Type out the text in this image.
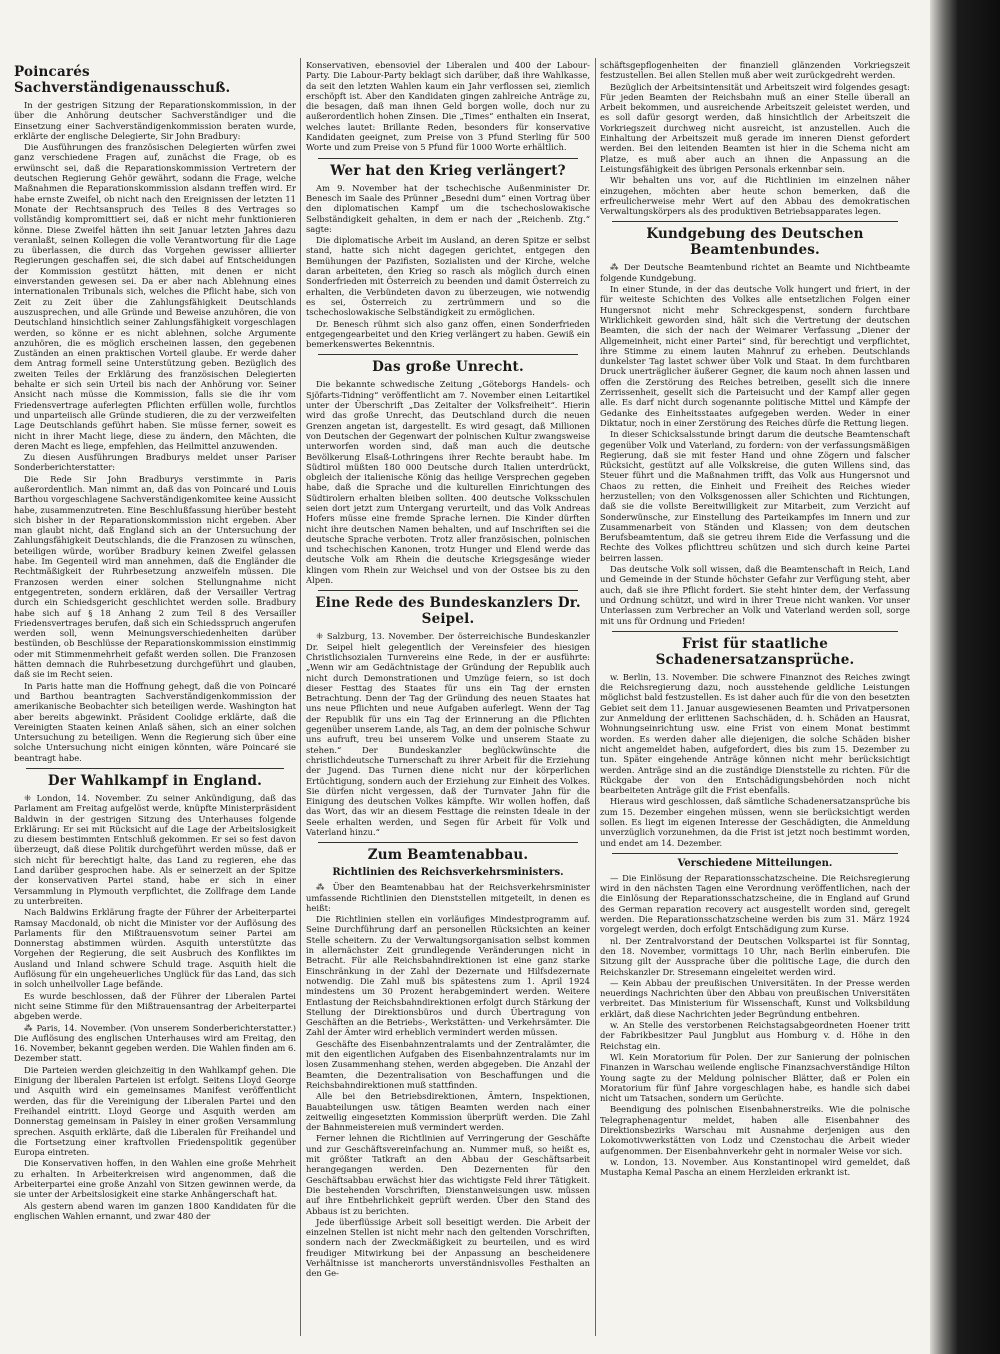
Poincarés Sachverständigenausschuß.

In der gestrigen Sitzung der Reparationskommission, in der über die Anhörung deutscher Sachverständiger und die Einsetzung einer Sachverständigenkommission beraten wurde, erklärte der englische Delegierte, Sir John Bradbury:

Die Ausführungen des französischen Delegierten würfen zwei ganz verschiedene Fragen auf, zunächst die Frage, ob es erwünscht sei, daß die Reparationskommission Vertretern der deutschen Regierung Gehör gewährt, sodann die Frage, welche Maßnahmen die Reparationskommission alsdann treffen wird. Er habe ernste Zweifel, ob nicht nach den Ereignissen der letzten 11 Monate der Rechtsanspruch des Teiles 8 des Vertrages so vollständig kompromittiert sei, daß er nicht mehr funktionieren könne. Diese Zweifel hätten ihn seit Januar letzten Jahres dazu veranlaßt, seinen Kollegen die volle Verantwortung für die Lage zu überlassen, die durch das Vorgehen gewisser alliierter Regierungen geschaffen sei, die sich dabei auf Entscheidungen der Kommission gestützt hätten, mit denen er nicht einverstanden gewesen sei. Da er aber nach Ablehnung eines internationalen Tribunals sich, welches die Pflicht habe, sich von Zeit zu Zeit über die Zahlungsfähigkeit Deutschlands auszusprechen, und alle Gründe und Beweise anzuhören, die von Deutschland hinsichtlich seiner Zahlungsfähigkeit vorgeschlagen werden, so könne er es nicht ablehnen, solche Argumente anzuhören, die es möglich erscheinen lassen, den gegebenen Zuständen an einen praktischen Vorteil glaube. Er werde daher dem Antrag formell seine Unterstützung geben. Bezüglich des zweiten Teiles der Erklärung des französischen Delegierten behalte er sich sein Urteil bis nach der Anhörung vor. Seiner Ansicht nach müsse die Kommission, falls sie die ihr vom Friedensvertrage auferlegten Pflichten erfüllen wolle, furchtlos und unparteiisch alle Gründe studieren, die zu der verzweifelten Lage Deutschlands geführt haben. Sie müsse ferner, soweit es nicht in ihrer Macht liege, diese zu ändern, den Mächten, die deren Macht es liege, empfehlen, das Heilmittel anzuwenden.

Zu diesen Ausführungen Bradburys meldet unser Pariser Sonderberichterstatter:

Die Rede Sir John Bradburys verstimmte in Paris außerordentlich. Man nimmt an, daß das von Poincaré und Louis Barthou vorgeschlagene Sachverständigenkomitee keine Aussicht habe, zusammenzutreten. Eine Beschlußfassung hierüber besteht sich bisher in der Reparationskommission nicht ergeben. Aber man glaubt nicht, daß England sich an der Untersuchung der Zahlungsfähigkeit Deutschlands, die die Franzosen zu wünschen, beteiligen würde, worüber Bradbury keinen Zweifel gelassen habe. Im Gegenteil wird man annehmen, daß die Engländer die Rechtmäßigkeit der Ruhrbesetzung anzweifeln müssen. Die Franzosen werden einer solchen Stellungnahme nicht entgegentreten, sondern erklären, daß der Versailler Vertrag durch ein Schiedsgericht geschlichtet werden solle. Bradbury habe sich auf § 18 Anhang 2 zum Teil 8 des Versailler Friedensvertrages berufen, daß sich ein Schiedsspruch angerufen werden soll, wenn Meinungsverschiedenheiten darüber bestünden, ob Beschlüsse der Reparationskommission einstimmig oder mit Stimmenmehrheit gefaßt werden sollen. Die Franzosen hätten demnach die Ruhrbesetzung durchgeführt und glauben, daß sie im Recht seien.

In Paris hatte man die Hoffnung gehegt, daß die von Poincaré und Barthou beantragten Sachverständigenkommission der amerikanische Beobachter sich beteiligen werde. Washington hat aber bereits abgewinkt. Präsident Coolidge erklärte, daß die Vereinigten Staaten keinen Anlaß sähen, sich an einer solchen Untersuchung zu beteiligen. Wenn die Regierung sich über eine solche Untersuchung nicht einigen könnten, wäre Poincaré sie beantragt habe.

Der Wahlkampf in England.

⁜ London, 14. November. Zu seiner Ankündigung, daß das Parlament am Freitag aufgelöst werde, knüpfte Ministerpräsident Baldwin in der gestrigen Sitzung des Unterhauses folgende Erklärung: Er sei mit Rücksicht auf die Lage der Arbeitslosigkeit zu diesem bestimmten Entschluß gekommen. Er sei so fest davon überzeugt, daß diese Politik durchgeführt werden müsse, daß er sich nicht für berechtigt halte, das Land zu regieren, ehe das Land darüber gesprochen habe. Als er seinerzeit an der Spitze der konservativen Partei stand, habe er sich in einer Versammlung in Plymouth verpflichtet, die Zollfrage dem Lande zu unterbreiten.

Nach Baldwins Erklärung fragte der Führer der Arbeiterpartei Ramsay Macdonald, ob nicht die Minister vor der Auflösung des Parlaments für den Mißtrauensvotum seiner Partei am Donnerstag abstimmen würden. Asquith unterstützte das Vorgehen der Regierung, die seit Ausbruch des Konfliktes im Ausland und Inland schwere Schuld trage. Asquith hielt die Auflösung für ein ungeheuerliches Unglück für das Land, das sich in solch unheilvoller Lage befände.

Es wurde beschlossen, daß der Führer der Liberalen Partei nicht seine Stimme für den Mißtrauensantrag der Arbeiterpartei abgeben werde.

⁂ Paris, 14. November. (Von unserem Sonderberichterstatter.) Die Auflösung des englischen Unterhauses wird am Freitag, den 16. November, bekannt gegeben werden. Die Wahlen finden am 6. Dezember statt.

Die Parteien werden gleichzeitig in den Wahlkampf gehen. Die Einigung der liberalen Parteien ist erfolgt. Seitens Lloyd George und Asquith wird ein gemeinsames Manifest veröffentlicht werden, das für die Vereinigung der Liberalen Partei und den Freihandel eintritt. Lloyd George und Asquith werden am Donnerstag gemeinsam in Paisley in einer großen Versammlung sprechen. Asquith erklärte, daß die Liberalen für Freihandel und die Fortsetzung einer kraftvollen Friedenspolitik gegenüber Europa eintreten.

Die Konservativen hoffen, in den Wahlen eine große Mehrheit zu erhalten. In Arbeiterkreisen wird angenommen, daß die Arbeiterpartei eine große Anzahl von Sitzen gewinnen werde, da sie unter der Arbeitslosigkeit eine starke Anhängerschaft hat.

Als gestern abend waren im ganzen 1800 Kandidaten für die englischen Wahlen ernannt, und zwar 480 der

Konservativen, ebensoviel der Liberalen und 400 der Labour-Party. Die Labour-Party beklagt sich darüber, daß ihre Wahlkasse, da seit den letzten Wahlen kaum ein Jahr verflossen sei, ziemlich erschöpft ist. Aber den Kandidaten gingen zahlreiche Anträge zu, die besagen, daß man ihnen Geld borgen wolle, doch nur zu außerordentlich hohen Zinsen. Die „Times“ enthalten ein Inserat, welches lautet: Brillante Reden, besonders für konservative Kandidaten geeignet, zum Preise von 3 Pfund Sterling für 500 Worte und zum Preise von 5 Pfund für 1000 Worte erhältlich.

Wer hat den Krieg verlängert?

Am 9. November hat der tschechische Außenminister Dr. Benesch im Saale des Prünner „Besedni dum“ einen Vortrag über den diplomatischen Kampf um die tschechoslowakische Selbständigkeit gehalten, in dem er nach der „Reichenb. Ztg.“ sagte:

Die diplomatische Arbeit im Ausland, an deren Spitze er selbst stand, hatte sich nicht dagegen gerichtet, entgegen den Bemühungen der Pazifisten, Sozialisten und der Kirche, welche daran arbeiteten, den Krieg so rasch als möglich durch einen Sonderfrieden mit Österreich zu beenden und damit Österreich zu erhalten, die Verbündeten davon zu überzeugen, wie notwendig es sei, Österreich zu zertrümmern und so die tschechoslowakische Selbständigkeit zu ermöglichen.

Dr. Benesch rühmt sich also ganz offen, einen Sonderfrieden entgegengearbeitet und den Krieg verlängert zu haben. Gewiß ein bemerkenswertes Bekenntnis.

Das große Unrecht.

Die bekannte schwedische Zeitung „Göteborgs Handels- och Sjöfarts-Tidning“ veröffentlicht am 7. November einen Leitartikel unter der Überschrift „Das Zeitalter der Volksfreiheit“. Hierin wird das große Unrecht, das Deutschland durch die neuen Grenzen angetan ist, dargestellt. Es wird gesagt, daß Millionen von Deutschen der Gegenwart der polnischen Kultur zwangsweise unterworfen worden sind, daß man auch die deutsche Bevölkerung Elsaß-Lothringens ihrer Rechte beraubt habe. Im Südtirol müßten 180 000 Deutsche durch Italien unterdrückt, obgleich der italienische König das heilige Versprechen gegeben habe, daß die Sprache und die kulturellen Einrichtungen des Südtirolern erhalten bleiben sollten. 400 deutsche Volksschulen seien dort jetzt zum Untergang verurteilt, und das Volk Andreas Hofers müsse eine fremde Sprache lernen. Die Kinder dürften nicht ihre deutschen Namen behalten, und auf Inschriften sei die deutsche Sprache verboten. Trotz aller französischen, polnischen und tschechischen Kanonen, trotz Hunger und Elend werde das deutsche Volk am Rhein die deutsche Kriegsgesänge wieder klingen vom Rhein zur Weichsel und von der Ostsee bis zu den Alpen.

Eine Rede des Bundeskanzlers Dr. Seipel.

⁜ Salzburg, 13. November. Der österreichische Bundeskanzler Dr. Seipel hielt gelegentlich der Vereinsfeier des hiesigen Christlichsozialen Turnvereins eine Rede, in der er ausführte: „Wenn wir am Gedächtnistage der Gründung der Republik auch nicht durch Demonstrationen und Umzüge feiern, so ist doch dieser Festtag des Staates für uns ein Tag der ernsten Betrachtung. Denn der Tag der Gründung des neuen Staates hat uns neue Pflichten und neue Aufgaben auferlegt. Wenn der Tag der Republik für uns ein Tag der Erinnerung an die Pflichten gegenüber unserem Lande, als Tag, an dem der polnische Schwur uns aufruft, treu bei unserem Volke und unserem Staate zu stehen.“ Der Bundeskanzler beglückwünschte die christlichdeutsche Turnerschaft zu ihrer Arbeit für die Erziehung der Jugend. Das Turnen diene nicht nur der körperlichen Ertüchtigung, sondern auch der Erziehung zur Einheit des Volkes. Sie dürfen nicht vergessen, daß der Turnvater Jahn für die Einigung des deutschen Volkes kämpfte. Wir wollen hoffen, daß das Wort, das wir an diesem Festtage die reinsten Ideale in der Seele erhalten werden, und Segen für Arbeit für Volk und Vaterland hinzu.“

Zum Beamtenabbau.
Richtlinien des Reichsverkehrsministers.

⁂ Über den Beamtenabbau hat der Reichsverkehrsminister umfassende Richtlinien den Dienststellen mitgeteilt, in denen es heißt:

Die Richtlinien stellen ein vorläufiges Mindestprogramm auf. Seine Durchführung darf an personellen Rücksichten an keiner Stelle scheitern. Zu der Verwaltungsorganisation selbst kommen in allernächster Zeit grundlegende Veränderungen nicht in Betracht. Für alle Reichsbahndirektionen ist eine ganz starke Einschränkung in der Zahl der Dezernate und Hilfsdezernate notwendig. Die Zahl muß bis spätestens zum 1. April 1924 mindestens um 30 Prozent herabgemindert werden. Weitere Entlastung der Reichsbahndirektionen erfolgt durch Stärkung der Stellung der Direktionsbüros und durch Übertragung von Geschäften an die Betriebs-, Werkstätten- und Verkehrsämter. Die Zahl der Ämter wird erheblich vermindert werden müssen.

Geschäfte des Eisenbahnzentralamts und der Zentralämter, die mit den eigentlichen Aufgaben des Eisenbahnzentralamts nur im losen Zusammenhang stehen, werden abgegeben. Die Anzahl der Beamten, die Dezentralisation von Beschaffungen und die Reichsbahndirektionen muß stattfinden.

Alle bei den Betriebsdirektionen, Ämtern, Inspektionen, Bauabteilungen usw. tätigen Beamten werden nach einer zeitweilig eingesetzten Kommission überprüft werden. Die Zahl der Bahnmeistereien muß vermindert werden.

Ferner lehnen die Richtlinien auf Verringerung der Geschäfte und zur Geschäftsvereinfachung an. Nummer muß, so heißt es, mit größter Tatkraft an den Abbau der Geschäftsarbeit herangegangen werden. Den Dezernenten für den Geschäftsabbau erwächst hier das wichtigste Feld ihrer Tätigkeit. Die bestehenden Vorschriften, Dienstanweisungen usw. müssen auf ihre Entbehrlichkeit geprüft werden. Über den Stand des Abbaus ist zu berichten.

Jede überflüssige Arbeit soll beseitigt werden. Die Arbeit der einzelnen Stellen ist nicht mehr nach den geltenden Vorschriften, sondern nach der Zweckmäßigkeit zu beurteilen, und es wird freudiger Mitwirkung bei der Anpassung an bescheidenere Verhältnisse ist mancherorts unverständnisvolles Festhalten an den Ge-

schäftsgepflogenheiten der finanziell glänzenden Vorkriegszeit festzustellen. Bei allen Stellen muß aber weit zurückgedreht werden.

Bezüglich der Arbeitsintensität und Arbeitszeit wird folgendes gesagt: Für jeden Beamten der Reichsbahn muß an einer Stelle überall an Arbeit bekommen, und ausreichende Arbeitszeit geleistet werden, und es soll dafür gesorgt werden, daß hinsichtlich der Arbeitszeit die Vorkriegszeit durchweg nicht ausreicht, ist anzustellen. Auch die Einhaltung der Arbeitszeit muß gerade im inneren Dienst gefordert werden. Bei den leitenden Beamten ist hier in die Schema nicht am Platze, es muß aber auch an ihnen die Anpassung an die Leistungsfähigkeit des übrigen Personals erkennbar sein.

Wir behalten uns vor, auf die Richtlinien im einzelnen näher einzugehen, möchten aber heute schon bemerken, daß die erfreulicherweise mehr Wert auf den Abbau des demokratischen Verwaltungskörpers als des produktiven Betriebsapparates legen.

Kundgebung des Deutschen Beamtenbundes.

⁂ Der Deutsche Beamtenbund richtet an Beamte und Nichtbeamte folgende Kundgebung.

In einer Stunde, in der das deutsche Volk hungert und friert, in der für weiteste Schichten des Volkes alle entsetzlichen Folgen einer Hungersnot nicht mehr Schreckgespenst, sondern furchtbare Wirklichkeit geworden sind, hält sich die Vertretung der deutschen Beamten, die sich der nach der Weimarer Verfassung „Diener der Allgemeinheit, nicht einer Partei“ sind, für berechtigt und verpflichtet, ihre Stimme zu einem lauten Mahnruf zu erheben. Deutschlands dunkelster Tag lastet schwer über Volk und Staat. In dem furchtbaren Druck unerträglicher äußerer Gegner, die kaum noch ahnen lassen und offen die Zerstörung des Reiches betreiben, gesellt sich die innere Zerrissenheit, gesellt sich die Parteisucht und der Kampf aller gegen alle. Es darf nicht durch sogenannte politische Mittel und Kämpfe der Gedanke des Einheitsstaates aufgegeben werden. Weder in einer Diktatur, noch in einer Zerstörung des Reiches dürfe die Rettung liegen.

In dieser Schicksalsstunde bringt darum die deutsche Beamtenschaft gegenüber Volk und Vaterland, zu fordern: von der verfassungsmäßigen Regierung, daß sie mit fester Hand und ohne Zögern und falscher Rücksicht, gestützt auf alle Volkskreise, die guten Willens sind, das Steuer führt und die Maßnahmen trifft, das Volk aus Hungersnot und Chaos zu retten, die Einheit und Freiheit des Reiches wieder herzustellen; von den Volksgenossen aller Schichten und Richtungen, daß sie die vollste Bereitwilligkeit zur Mitarbeit, zum Verzicht auf Sonderwünsche, zur Einstellung des Parteikampfes im Innern und zur Zusammenarbeit von Ständen und Klassen; von dem deutschen Berufsbeamtentum, daß sie getreu ihrem Eide die Verfassung und die Rechte des Volkes pflichttreu schützen und sich durch keine Partei beirren lassen.

Das deutsche Volk soll wissen, daß die Beamtenschaft in Reich, Land und Gemeinde in der Stunde höchster Gefahr zur Verfügung steht, aber auch, daß sie ihre Pflicht fordert. Sie steht hinter dem, der Verfassung und Ordnung schützt, und wird in ihrer Treue nicht wanken. Vor unser Unterlassen zum Verbrecher an Volk und Vaterland werden soll, sorge mit uns für Ordnung und Frieden!

Frist für staatliche Schadenersatzansprüche.

w. Berlin, 13. November. Die schwere Finanznot des Reiches zwingt die Reichsregierung dazu, noch ausstehende geldliche Leistungen möglichst bald festzustellen. Es ist daher auch für die von den besetzten Gebiet seit dem 11. Januar ausgewiesenen Beamten und Privatpersonen zur Anmeldung der erlittenen Sachschäden, d. h. Schäden an Hausrat, Wohnungseinrichtung usw. eine Frist von einem Monat bestimmt worden. Es werden daher alle diejenigen, die solche Schäden bisher nicht angemeldet haben, aufgefordert, dies bis zum 15. Dezember zu tun. Später eingehende Anträge können nicht mehr berücksichtigt werden. Anträge sind an die zuständige Dienststelle zu richten. Für die Rückgabe der von den Entschädigungsbehörden noch nicht bearbeiteten Anträge gilt die Frist ebenfalls.

Hieraus wird geschlossen, daß sämtliche Schadenersatzansprüche bis zum 15. Dezember eingehen müssen, wenn sie berücksichtigt werden sollen. Es liegt im eigenen Interesse der Geschädigten, die Anmeldung unverzüglich vorzunehmen, da die Frist ist jetzt noch bestimmt worden, und endet am 14. Dezember.

Verschiedene Mitteilungen.

— Die Einlösung der Reparationsschatzscheine. Die Reichsregierung wird in den nächsten Tagen eine Verordnung veröffentlichen, nach der die Einlösung der Reparationsschatzscheine, die in England auf Grund des German reparation recovery act ausgestellt worden sind, geregelt werden. Die Reparationsschatzscheine werden bis zum 31. März 1924 vorgelegt werden, doch erfolgt Entschädigung zum Kurse.

nl. Der Zentralvorstand der Deutschen Volkspartei ist für Sonntag, den 18. November, vormittags 10 Uhr, nach Berlin einberufen. Die Sitzung gilt der Aussprache über die politische Lage, die durch den Reichskanzler Dr. Stresemann eingeleitet werden wird.

— Kein Abbau der preußischen Universitäten. In der Presse werden neuerdings Nachrichten über den Abbau von preußischen Universitäten verbreitet. Das Ministerium für Wissenschaft, Kunst und Volksbildung erklärt, daß diese Nachrichten jeder Begründung entbehren.

w. An Stelle des verstorbenen Reichstagsabgeordneten Hoener tritt der Fabrikbesitzer Paul Jungblut aus Homburg v. d. Höhe in den Reichstag ein.

Wl. Kein Moratorium für Polen. Der zur Sanierung der polnischen Finanzen in Warschau weilende englische Finanzsachverständige Hilton Young sagte zu der Meldung polnischer Blätter, daß er Polen ein Moratorium für fünf Jahre vorgeschlagen habe, es handle sich dabei nicht um Tatsachen, sondern um Gerüchte.

Beendigung des polnischen Eisenbahnerstreiks. Wie die polnische Telegraphenagentur meldet, haben alle Eisenbahner des Direktionsbezirks Warschau mit Ausnahme derjenigen aus den Lokomotivwerkstätten von Lodz und Czenstochau die Arbeit wieder aufgenommen. Der Eisenbahnverkehr geht in normaler Weise vor sich.

w. London, 13. November. Aus Konstantinopel wird gemeldet, daß Mustapha Kemal Pascha an einem Herzleiden erkrankt ist.
